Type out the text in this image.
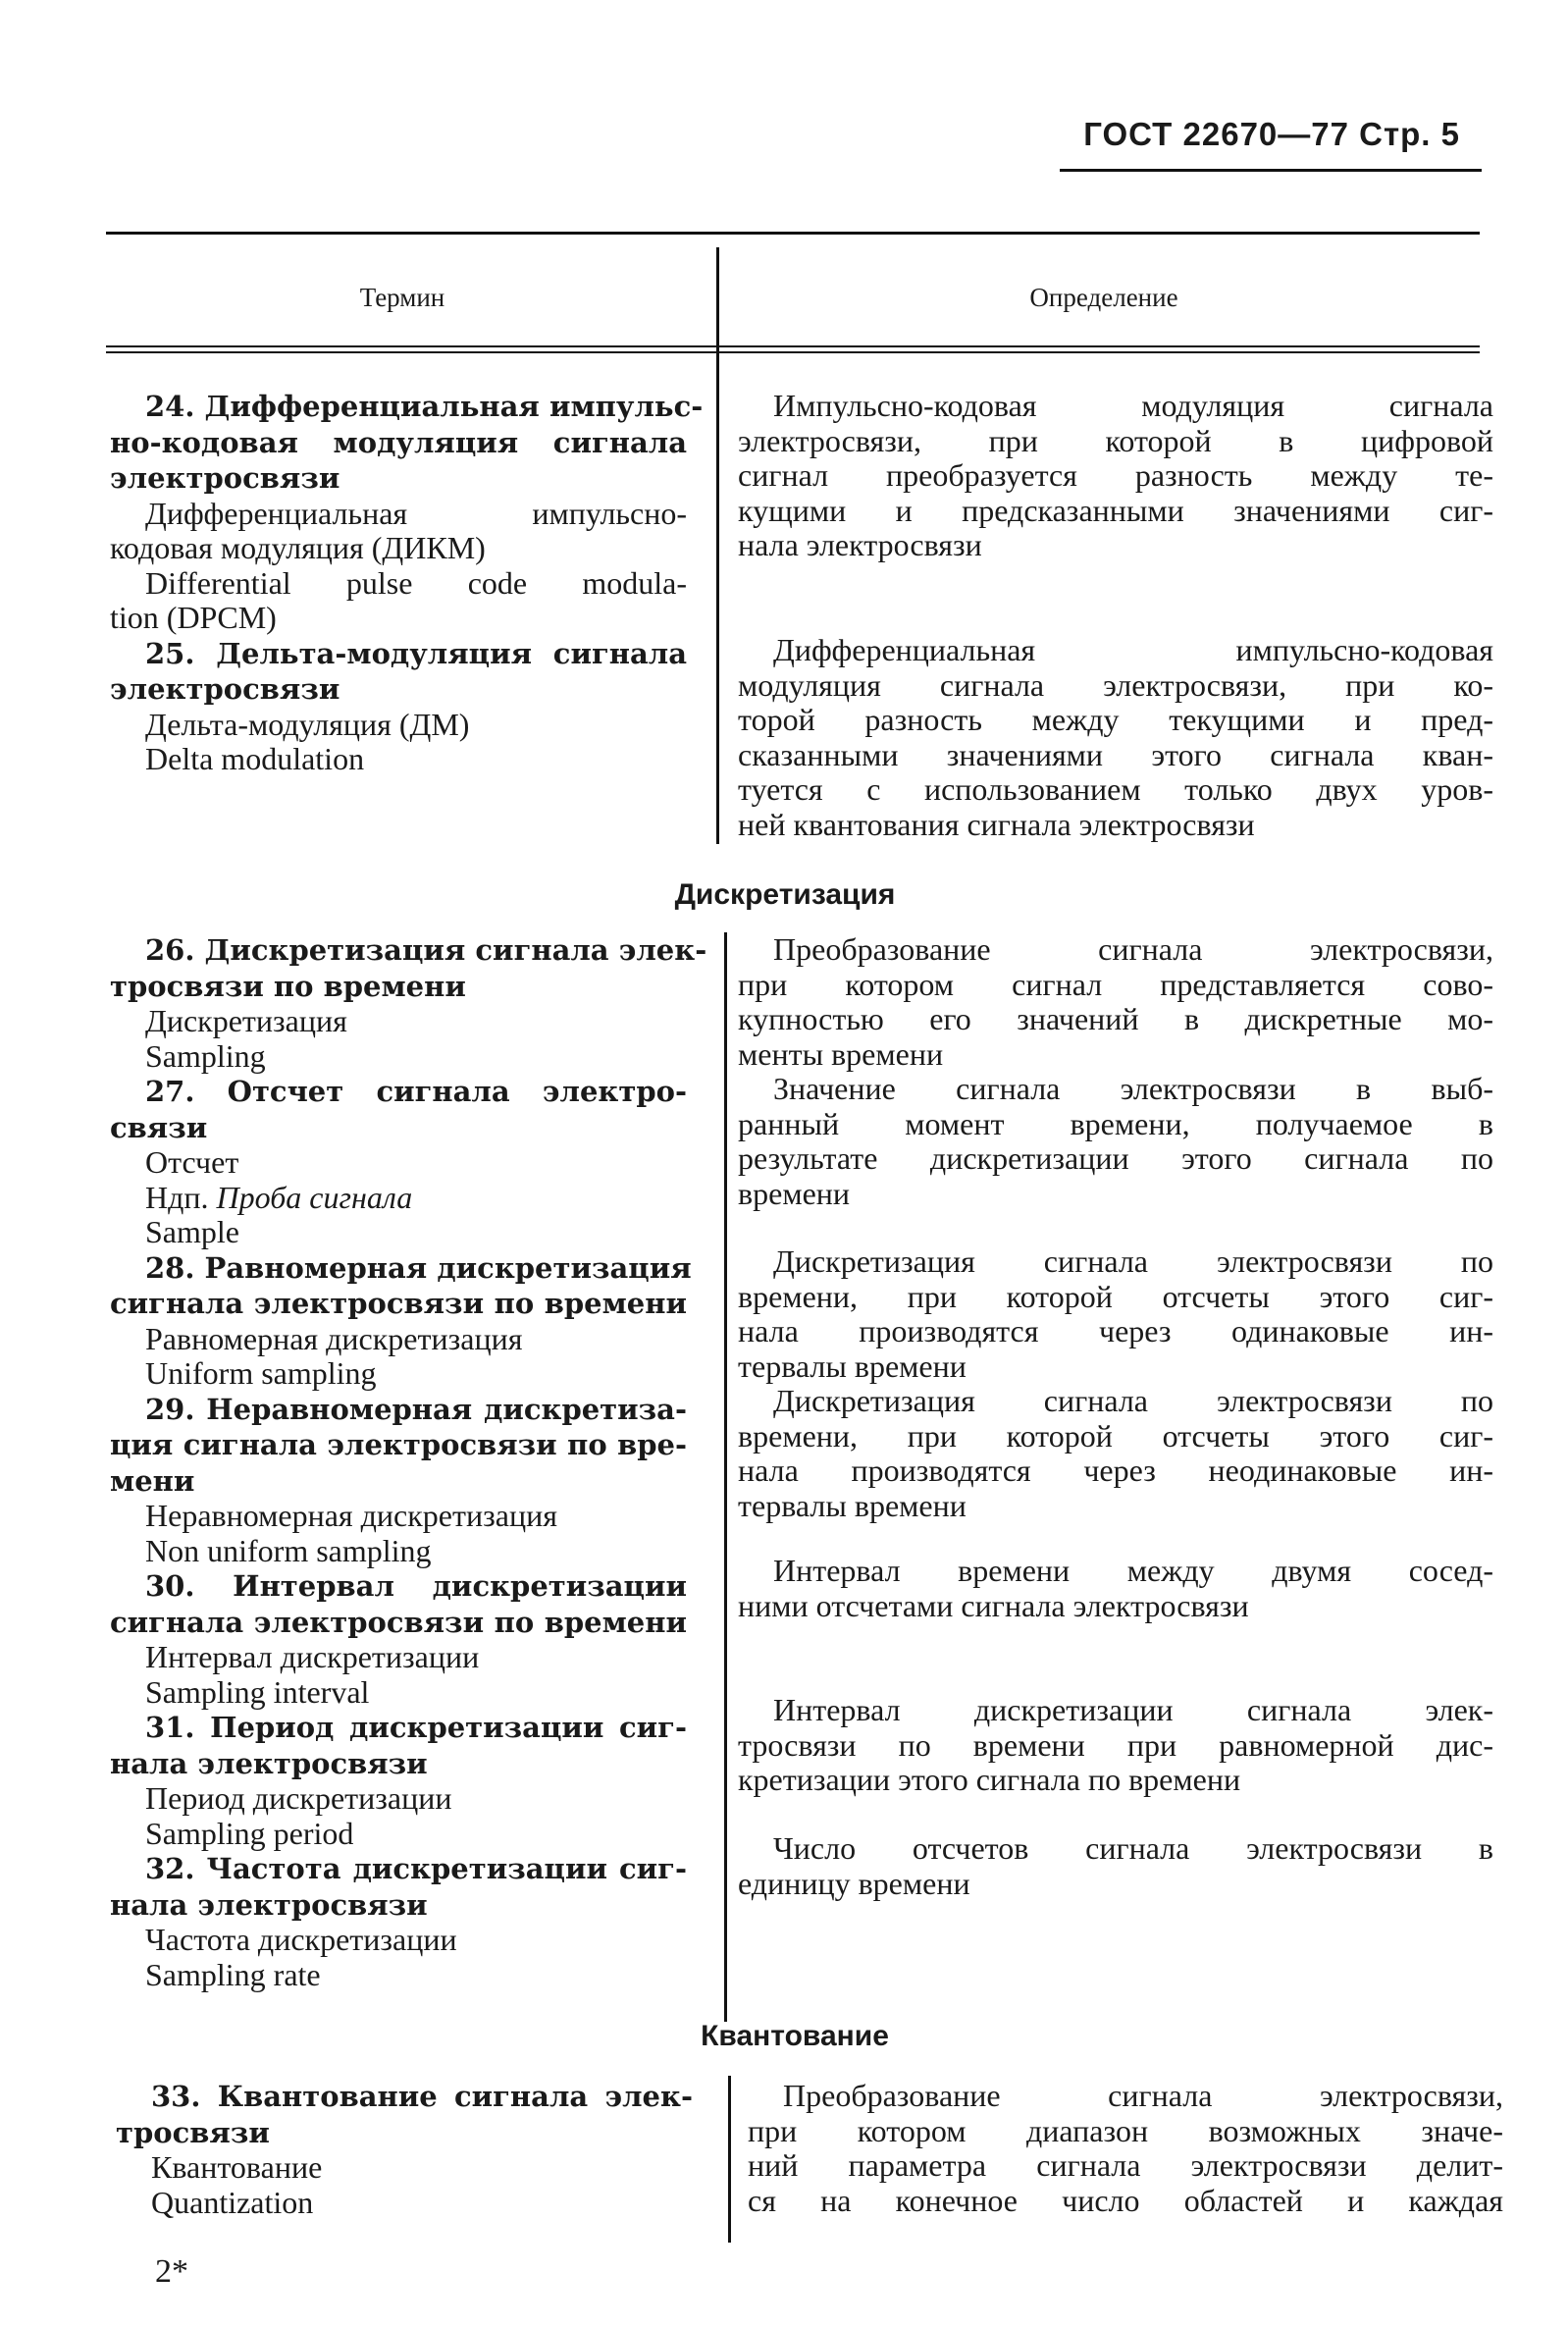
ГОСТ 22670—77 Стр. 5
Термин	Определение
24. Дифференциальная импульс-
но-кодовая модуляция сигнала
электросвязи
Дифференциальная импульсно-
кодовая модуляция (ДИКМ)
Differential pulse code modula-
tion (DPCM)
25. Дельта-модуляция сигнала
электросвязи
Дельта-модуляция (ДМ)
Delta modulation
Импульсно-кодовая модуляция сигнала
электросвязи, при которой в цифровой
сигнал преобразуется разность между те-
кущими и предсказанными значениями сиг-
нала электросвязи
Дифференциальная импульсно-кодовая
модуляция сигнала электросвязи, при ко-
торой разность между текущими и пред-
сказанными значениями этого сигнала кван-
туется с использованием только двух уров-
ней квантования сигнала электросвязи
Дискретизация
26. Дискретизация сигнала элек-
тросвязи по времени
Дискретизация
Sampling
27. Отсчет сигнала электро-
связи
Отсчет
Ндп. Проба сигнала
Sample
28. Равномерная дискретизация
сигнала электросвязи по времени
Равномерная дискретизация
Uniform sampling
29. Неравномерная дискретиза-
ция сигнала электросвязи по вре-
мени
Неравномерная дискретизация
Non uniform sampling
30. Интервал дискретизации
сигнала электросвязи по времени
Интервал дискретизации
Sampling interval
31. Период дискретизации сиг-
нала электросвязи
Период дискретизации
Sampling period
32. Частота дискретизации сиг-
нала электросвязи
Частота дискретизации
Sampling rate
Преобразование сигнала электросвязи,
при котором сигнал представляется сово-
купностью его значений в дискретные мо-
менты времени
Значение сигнала электросвязи в выб-
ранный момент времени, получаемое в
результате дискретизации этого сигнала по
времени
Дискретизация сигнала электросвязи по
времени, при которой отсчеты этого сиг-
нала производятся через одинаковые ин-
тервалы времени
Дискретизация сигнала электросвязи по
времени, при которой отсчеты этого сиг-
нала производятся через неодинаковые ин-
тервалы времени
Интервал времени между двумя сосед-
ними отсчетами сигнала электросвязи
Интервал дискретизации сигнала элек-
тросвязи по времени при равномерной дис-
кретизации этого сигнала по времени
Число отсчетов сигнала электросвязи в
единицу времени
Квантование
33. Квантование сигнала элек-
тросвязи
Квантование
Quantization
Преобразование сигнала электросвязи,
при котором диапазон возможных значе-
ний параметра сигнала электросвязи делит-
ся на конечное число областей и каждая
2*
